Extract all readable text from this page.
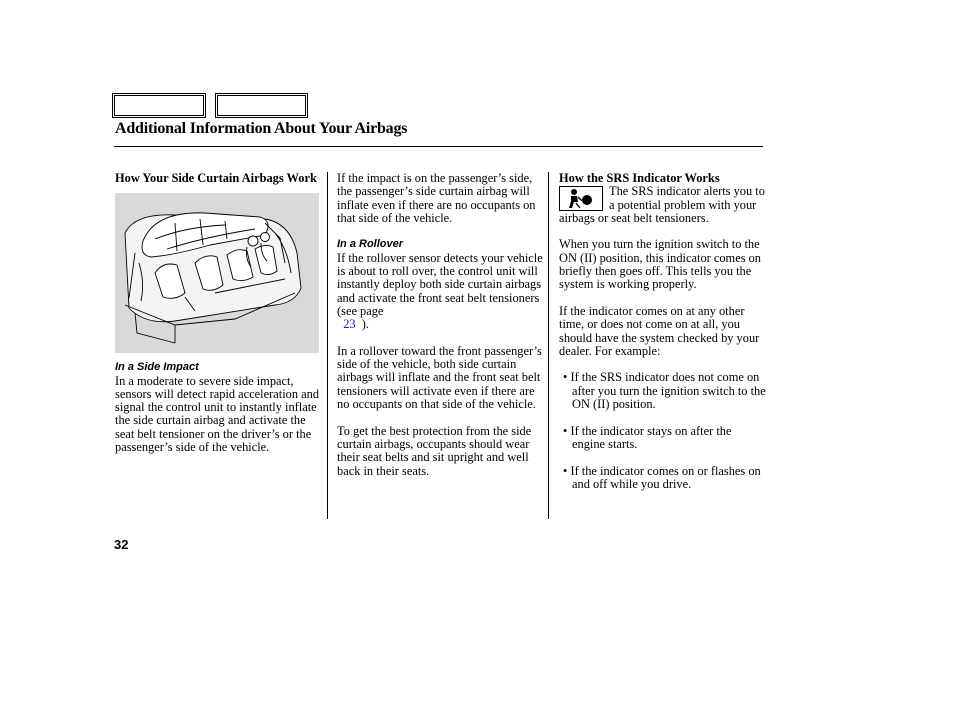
Additional Information About Your Airbags

How Your Side Curtain Airbags Work

In a Side Impact

In a moderate to severe side impact, sensors will detect rapid acceleration and signal the control unit to instantly inflate the side curtain airbag and activate the seat belt tensioner on the driver’s or the passenger’s side of the vehicle.

If the impact is on the passenger’s side, the passenger’s side curtain airbag will inflate even if there are no occupants on that side of the vehicle.

In a Rollover

If the rollover sensor detects your vehicle is about to roll over, the control unit will instantly deploy both side curtain airbags and activate the front seat belt tensioners (see page
23 ).

In a rollover toward the front passenger’s side of the vehicle, both side curtain airbags will inflate and the front seat belt tensioners will activate even if there are no occupants on that side of the vehicle.

To get the best protection from the side curtain airbags, occupants should wear their seat belts and sit upright and well back in their seats.

How the SRS Indicator Works

The SRS indicator alerts you to a potential problem with your airbags or seat belt tensioners.

When you turn the ignition switch to the ON (II) position, this indicator comes on briefly then goes off. This tells you the system is working properly.

If the indicator comes on at any other time, or does not come on at all, you should have the system checked by your dealer. For example:

• If the SRS indicator does not come on after you turn the ignition switch to the ON (II) position.

• If the indicator stays on after the engine starts.

• If the indicator comes on or flashes on and off while you drive.

32
